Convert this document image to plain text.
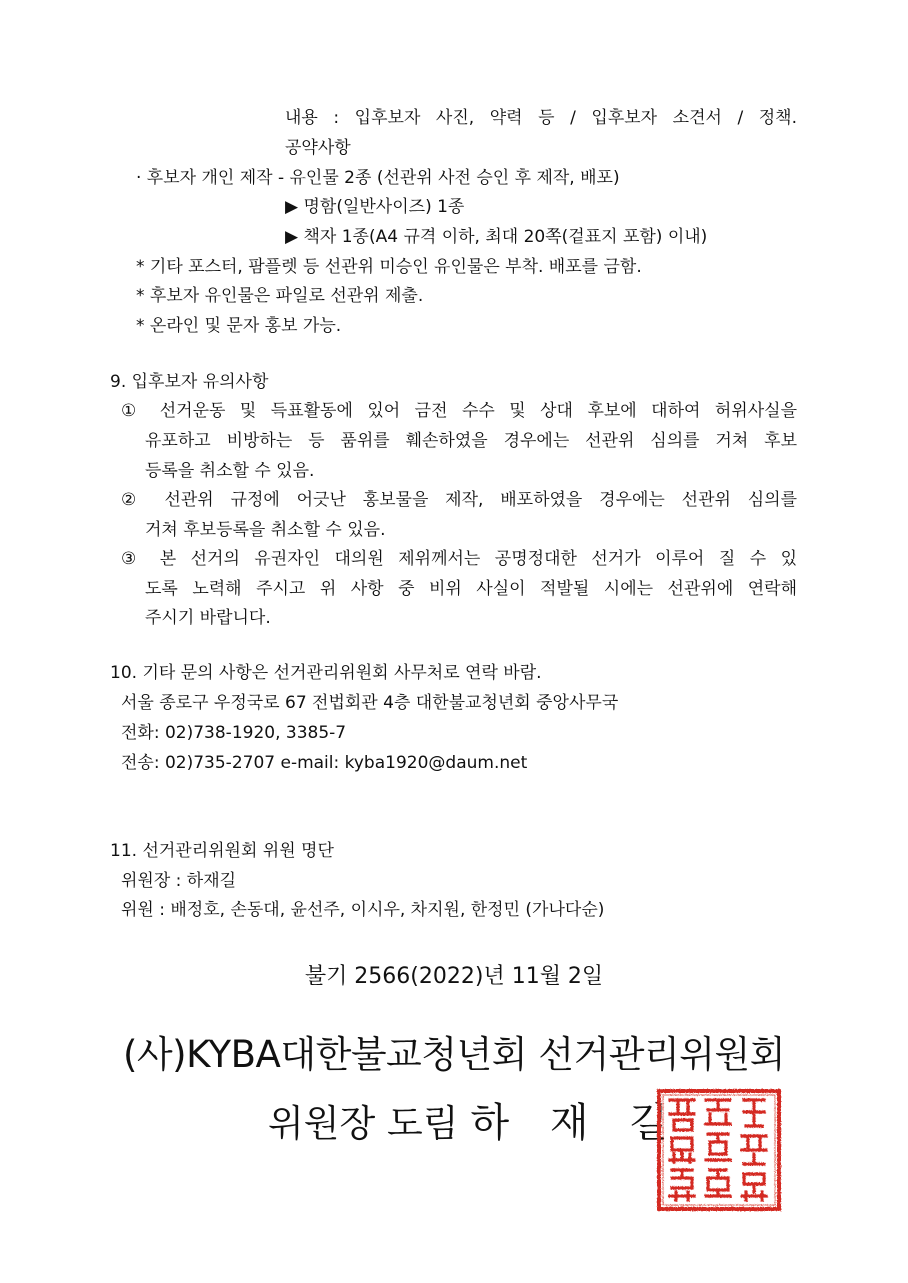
내용 : 입후보자 사진, 약력 등 / 입후보자 소견서 / 정책.
공약사항
· 후보자 개인 제작 - 유인물 2종 (선관위 사전 승인 후 제작, 배포)
▶ 명함(일반사이즈) 1종
▶ 책자 1종(A4 규격 이하, 최대 20쪽(겉표지 포함) 이내)
* 기타 포스터, 팜플렛 등 선관위 미승인 유인물은 부착. 배포를 금함.
* 후보자 유인물은 파일로 선관위 제출.
* 온라인 및 문자 홍보 가능.
9. 입후보자 유의사항
① 선거운동 및 득표활동에 있어 금전 수수 및 상대 후보에 대하여 허위사실을
유포하고 비방하는 등 품위를 훼손하였을 경우에는 선관위 심의를 거쳐 후보
등록을 취소할 수 있음.
② 선관위 규정에 어긋난 홍보물을 제작, 배포하였을 경우에는 선관위 심의를
거쳐 후보등록을 취소할 수 있음.
③ 본 선거의 유권자인 대의원 제위께서는 공명정대한 선거가 이루어 질 수 있
도록 노력해 주시고 위 사항 중 비위 사실이 적발될 시에는 선관위에 연락해
주시기 바랍니다.
10. 기타 문의 사항은 선거관리위원회 사무처로 연락 바람.
서울 종로구 우정국로 67 전법회관 4층 대한불교청년회 중앙사무국
전화: 02)738-1920, 3385-7
전송: 02)735-2707 e-mail: kyba1920@daum.net
11. 선거관리위원회 위원 명단
위원장 : 하재길
위원 : 배정호, 손동대, 윤선주, 이시우, 차지원, 한정민 (가나다순)
불기 2566(2022)년 11월 2일
(사)KYBA대한불교청년회 선거관리위원회
위원장 도림 하 재 길
